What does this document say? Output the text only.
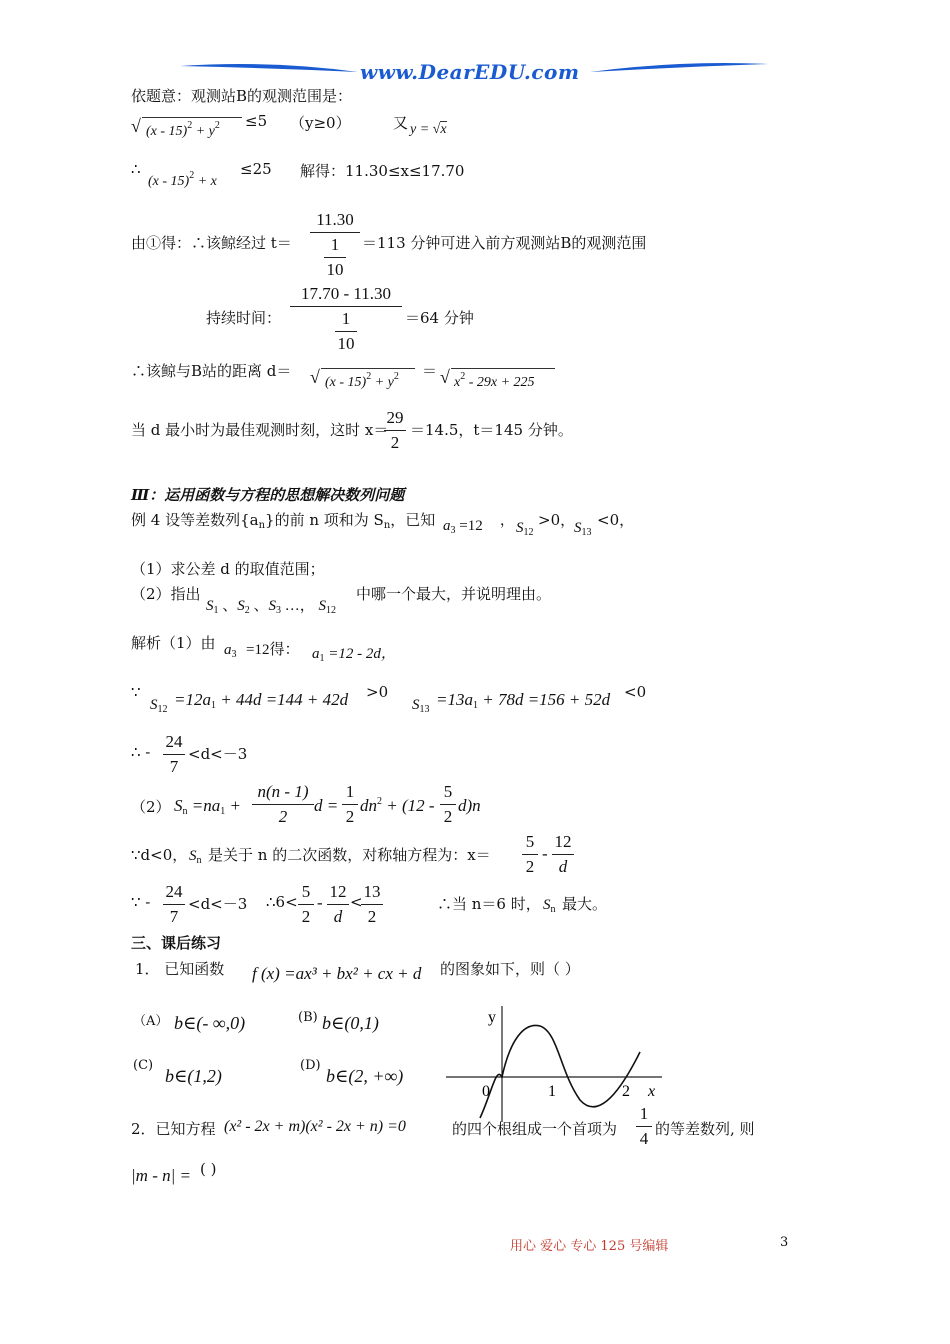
www.DearEDU.com
依题意：观测站B的观测范围是：
√ $(x - 15)^2 + y^2 \le 5$ （y≥0）	又 y = √x
∴
(x - 15)$^2$ + x
≤25 解得：11.30≤x≤17.70
由①得：∴该鲸经过 t＝
11.30
1
10
＝113 分钟可进入前方观测站B的观测范围
持续时间：
17.70 - 11.30
1
10
＝64 分钟
∴该鲸与B站的距离 d＝ √ $(x - 15)^2 + y^2$ ＝ √ $x^2 - 29x + 225$
当 d 最小时为最佳观测时刻，这时 x＝
29
2
＝14.5，t＝145 分钟。
Ⅲ：运用函数与方程的思想解决数列问题
例 4 设等差数列$\{a_n\}$的前 n 项和为 $S_n$，已知 $a_3 =12$ ， $S_{12}$
>0，
$S_{13}$
<0，
（1）求公差 d 的取值范围；
（2）指出
$S_1$ 、$S_2$ 、$S_3$ …， $S_{12}$
中哪一个最大，并说明理由。
解析（1）由 $a_3 =12$得： $a_1 =12 - 2d$，
∵
$S_{12}$
$=12a_1 + 44d =144 + 42d >0$
$S_{13}$
$=13a_1 + 78d =156 + 52d <0$
∴ -
24
7
<d<－3
（2） $S_n =na_1$ +
n(n - 1)
2
d =
1
2
$dn^2 + (12$ -
5
2
d)n
∵d<0， $S_n$ 是关于 n 的二次函数，对称轴方程为：x＝
5
2
-
12
d
∵ -
24
7
<d<－3 ∴6<
5
2
-
12
d
<
13
2
∴当 n＝6 时， $S_n$ 最大。
三、课后练习
1． 已知函数 f (x) =ax³ + bx² + cx + d 的图象如下，则（ ）
（A） b∈(- ∞,0)	(B) b∈(0,1)
(C)
b∈(1,2)
(D)
b∈(2, +∞)
y
0	1	2 x
2．已知方程 (x² - 2x + m)(x² - 2x + n) =0	的四个根组成一个首项为
1
4 的等差数列, 则
|m - n| = ( )
用心 爱心 专心 125 号编辑	3
